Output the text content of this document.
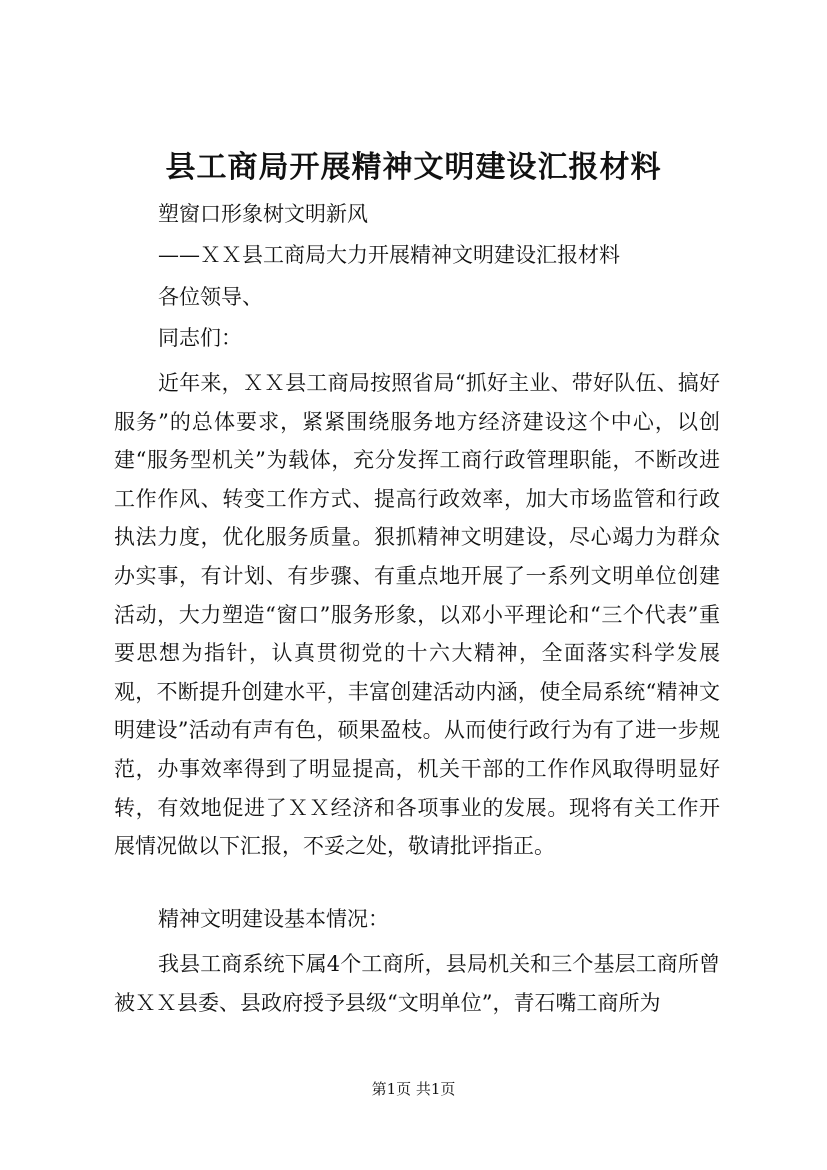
县工商局开展精神文明建设汇报材料
塑窗口形象树文明新风
——ＸＸ县工商局大力开展精神文明建设汇报材料
各位领导、
同志们：

近年来，ＸＸ县工商局按照省局“抓好主业、带好队伍、搞好服务”的总体要求，紧紧围绕服务地方经济建设这个中心，以创建“服务型机关”为载体，充分发挥工商行政管理职能，不断改进工作作风、转变工作方式、提高行政效率，加大市场监管和行政执法力度，优化服务质量。狠抓精神文明建设，尽心竭力为群众办实事，有计划、有步骤、有重点地开展了一系列文明单位创建活动，大力塑造“窗口”服务形象，以邓小平理论和“三个代表”重要思想为指针，认真贯彻党的十六大精神，全面落实科学发展观，不断提升创建水平，丰富创建活动内涵，使全局系统“精神文明建设”活动有声有色，硕果盈枝。从而使行政行为有了进一步规范，办事效率得到了明显提高，机关干部的工作作风取得明显好转，有效地促进了ＸＸ经济和各项事业的发展。现将有关工作开展情况做以下汇报，不妥之处，敬请批评指正。

精神文明建设基本情况：

我县工商系统下属4个工商所，县局机关和三个基层工商所曾被ＸＸ县委、县政府授予县级“文明单位”，青石嘴工商所为

第1页 共1页
